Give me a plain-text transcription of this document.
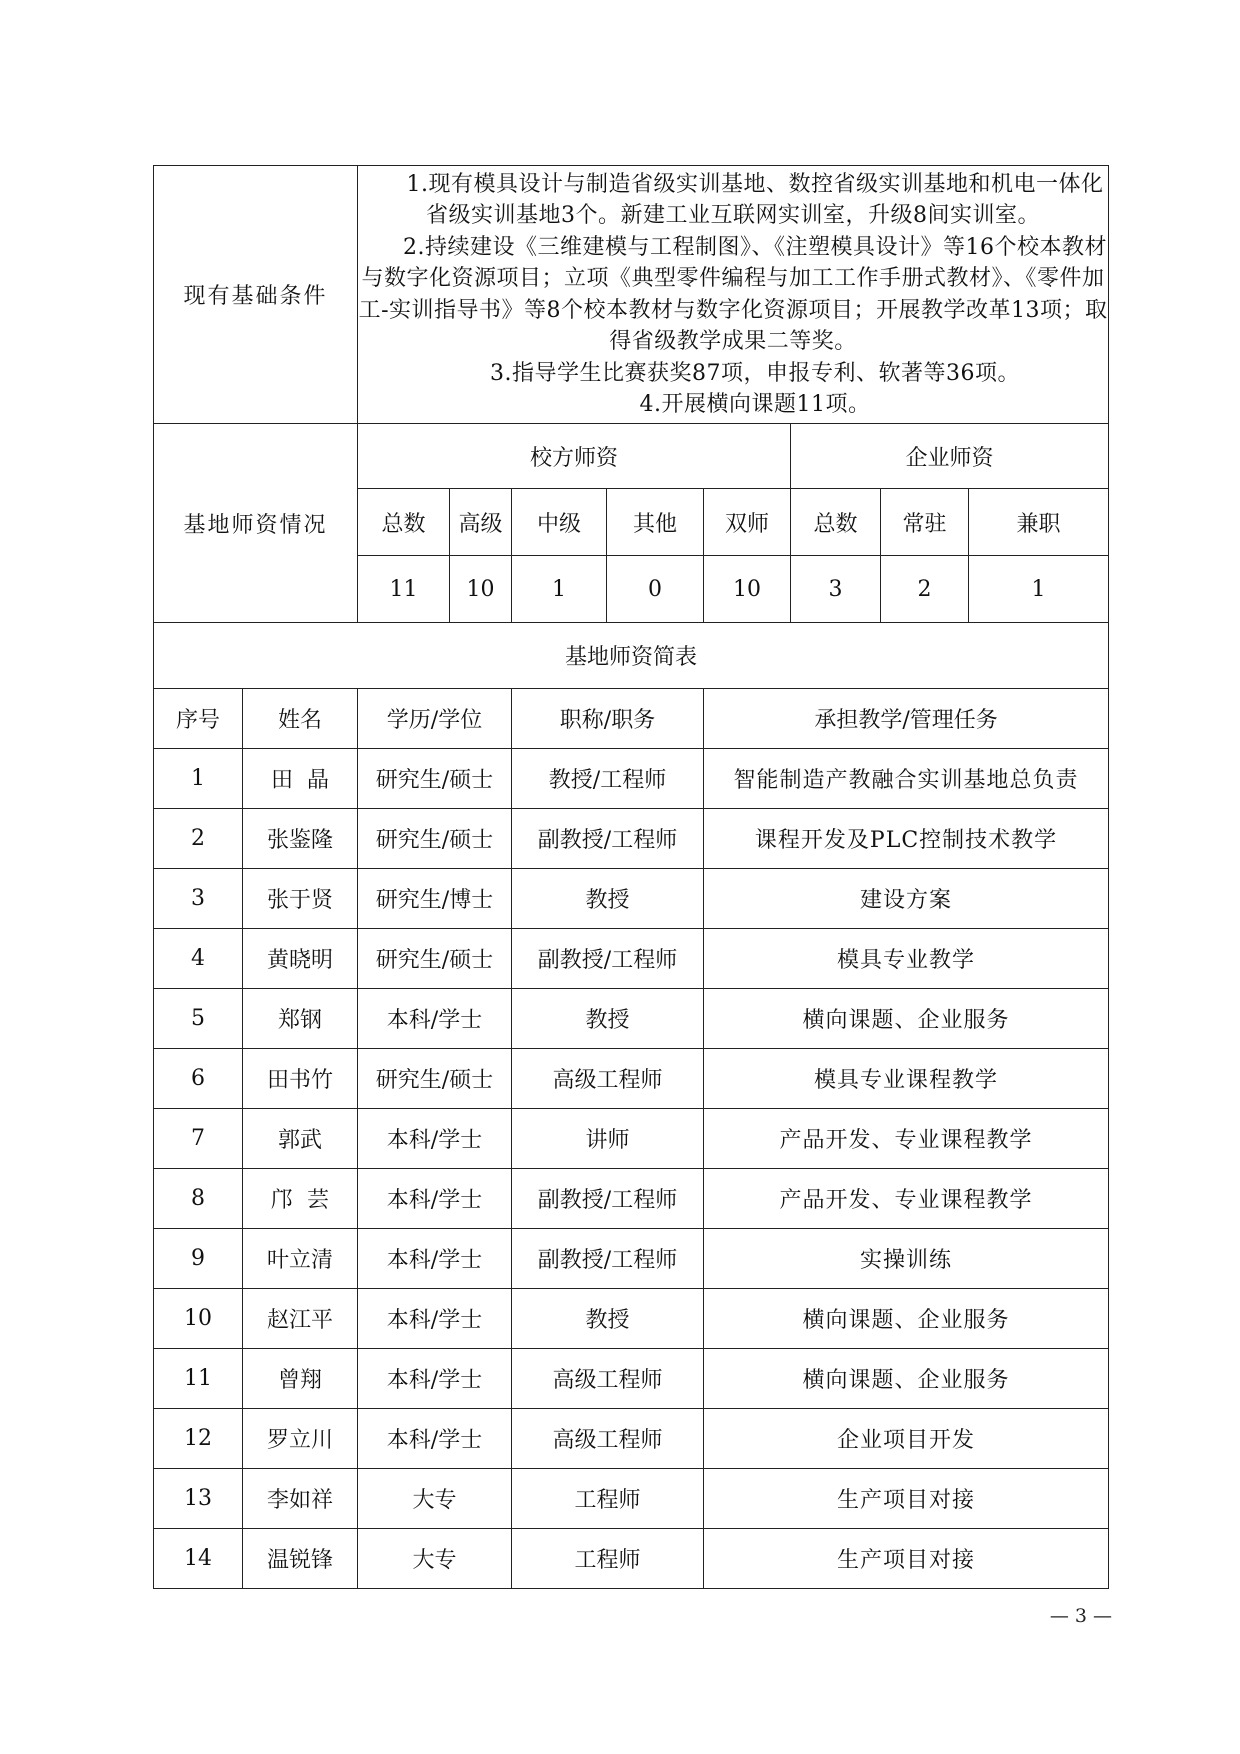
现有基础条件		1.现有模具设计与制造省级实训基地、数控省级实训基地和机电一体化省级实训基地3个。新建工业互联网实训室，升级8间实训室。

2.持续建设《三维建模与工程制图》、《注塑模具设计》等16个校本教材与数字化资源项目；立项《典型零件编程与加工工作手册式教材》、《零件加工-实训指导书》等8个校本教材与数字化资源项目；开展教学改革13项；取得省级教学成果二等奖。

3.指导学生比赛获奖87项，申报专利、软著等36项。

4.开展横向课题11项。							

基地师资情况		校方师资					企业师资		
		总数	高级	中级	其他	双师	总数	常驻	兼职
		11	10	1	0	10	3	2	1
基地师资简表									
序号	姓名	学历/学位		职称/职务		承担教学/管理任务			
1	田  晶	研究生/硕士		教授/工程师		智能制造产教融合实训基地总负责			
2	张鉴隆	研究生/硕士		副教授/工程师		课程开发及PLC控制技术教学			
3	张于贤	研究生/博士		教授		建设方案			
4	黄晓明	研究生/硕士		副教授/工程师		模具专业教学			
5	郑钢	本科/学士		教授		横向课题、企业服务			
6	田书竹	研究生/硕士		高级工程师		模具专业课程教学			
7	郭武	本科/学士		讲师		产品开发、专业课程教学			
8	邝  芸	本科/学士		副教授/工程师		产品开发、专业课程教学			
9	叶立清	本科/学士		副教授/工程师		实操训练			
10	赵江平	本科/学士		教授		横向课题、企业服务			
11	曾翔	本科/学士		高级工程师		横向课题、企业服务			
12	罗立川	本科/学士		高级工程师		企业项目开发			
13	李如祥	大专		工程师		生产项目对接			
14	温锐锋	大专		工程师		生产项目对接			
— 3 —
